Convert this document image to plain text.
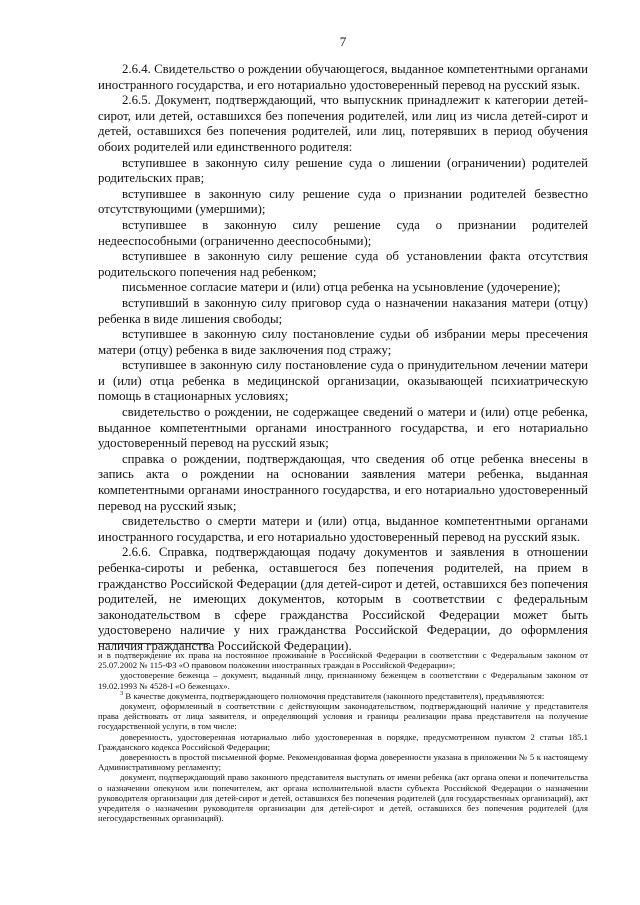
7

2.6.4. Свидетельство о рождении обучающегося, выданное компетентными органами иностранного государства, и его нотариально удостоверенный перевод на русский язык.

2.6.5. Документ, подтверждающий, что выпускник принадлежит к категории детей-сирот, или детей, оставшихся без попечения родителей, или лиц из числа детей-сирот и детей, оставшихся без попечения родителей, или лиц, потерявших в период обучения обоих родителей или единственного родителя:

вступившее в законную силу решение суда о лишении (ограничении) родителей родительских прав;

вступившее в законную силу решение суда о признании родителей безвестно отсутствующими (умершими);

вступившее в законную силу решение суда о признании родителей недееспособными (ограниченно дееспособными);

вступившее в законную силу решение суда об установлении факта отсутствия родительского попечения над ребенком;

письменное согласие матери и (или) отца ребенка на усыновление (удочерение);

вступивший в законную силу приговор суда о назначении наказания матери (отцу) ребенка в виде лишения свободы;

вступившее в законную силу постановление судьи об избрании меры пресечения матери (отцу) ребенка в виде заключения под стражу;

вступившее в законную силу постановление суда о принудительном лечении матери и (или) отца ребенка в медицинской организации, оказывающей психиатрическую помощь в стационарных условиях;

свидетельство о рождении, не содержащее сведений о матери и (или) отце ребенка, выданное компетентными органами иностранного государства, и его нотариально удостоверенный перевод на русский язык;

справка о рождении, подтверждающая, что сведения об отце ребенка внесены в запись акта о рождении на основании заявления матери ребенка, выданная компетентными органами иностранного государства, и его нотариально удостоверенный перевод на русский язык;

свидетельство о смерти матери и (или) отца, выданное компетентными органами иностранного государства, и его нотариально удостоверенный перевод на русский язык.

2.6.6. Справка, подтверждающая подачу документов и заявления в отношении ребенка-сироты и ребенка, оставшегося без попечения родителей, на прием в гражданство Российской Федерации (для детей-сирот и детей, оставшихся без попечения родителей, не имеющих документов, которым в соответствии с федеральным законодательством в сфере гражданства Российской Федерации может быть удостоверено наличие у них гражданства Российской Федерации, до оформления наличия гражданства Российской Федерации).

и в подтверждение их права на постоянное проживание в Российской Федерации в соответствии с Федеральным законом от 25.07.2002 № 115-ФЗ «О правовом положении иностранных граждан в Российской Федерации»;

удостоверение беженца – документ, выданный лицу, признанному беженцем в соответствии с Федеральным законом от 19.02.1993 № 4528-I «О беженцах».

$^3$ В качестве документа, подтверждающего полномочия представителя (законного представителя), предъявляются:

документ, оформленный в соответствии с действующим законодательством, подтверждающий наличие у представителя права действовать от лица заявителя, и определяющий условия и границы реализации права представителя на получение государственной услуги, в том числе:

доверенность, удостоверенная нотариально либо удостоверенная в порядке, предусмотренном пунктом 2 статьи 185.1 Гражданского кодекса Российской Федерации;

доверенность в простой письменной форме. Рекомендованная форма доверенности указана в приложении № 5 к настоящему Административному регламенту;

документ, подтверждающий право законного представителя выступать от имени ребенка (акт органа опеки и попечительства о назначении опекуном или попечителем, акт органа исполнительной власти субъекта Российской Федерации о назначении руководителя организации для детей-сирот и детей, оставшихся без попечения родителей (для государственных организаций), акт учредителя о назначении руководителя организации для детей-сирот и детей, оставшихся без попечения родителей (для негосударственных организаций).
